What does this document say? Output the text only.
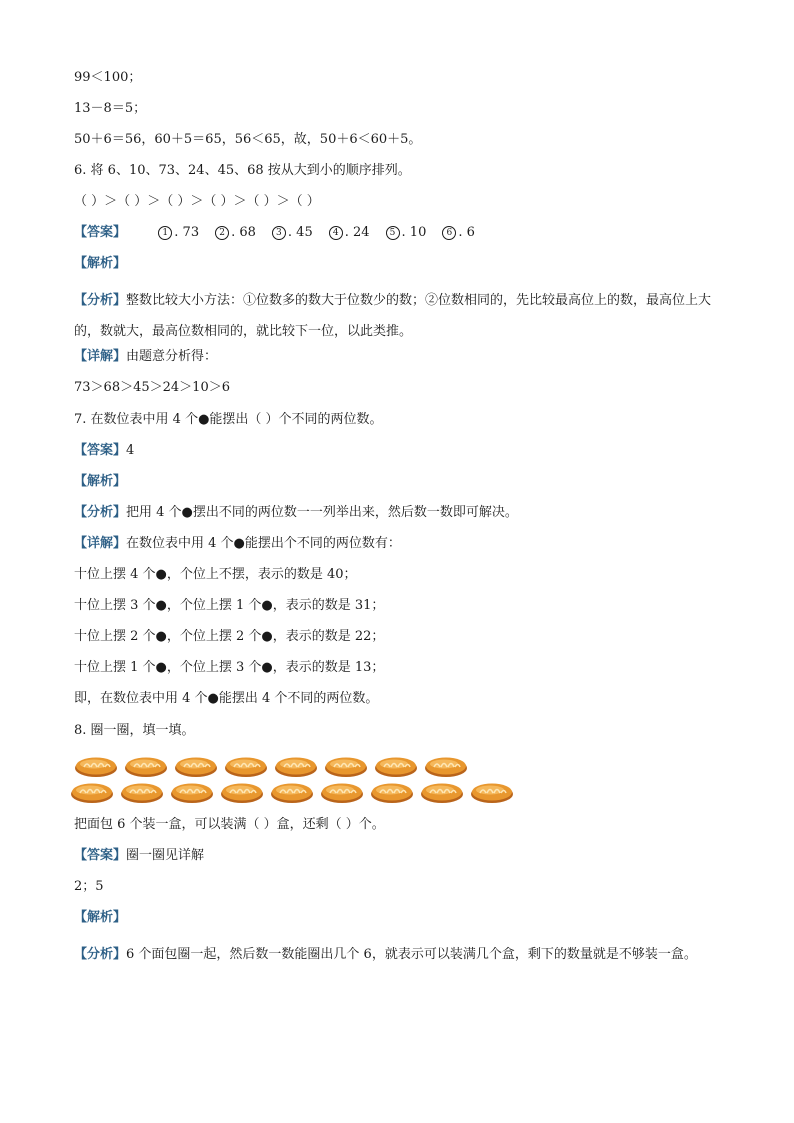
99＜100；
13－8＝5；
50＋6＝56，60＋5＝65，56＜65，故，50＋6＜60＋5。
6. 将 6、10、73、24、45、68 按从大到小的顺序排列。
（ ）＞（ ）＞（ ）＞（ ）＞（ ）＞（ ）
【答案】	1 . 73 2 . 68 3 . 45 4 . 24 5 . 10 6 . 6
【解析】
【分析】整数比较大小方法：①位数多的数大于位数少的数；②位数相同的，先比较最高位上的数，最高位上大的，数就大，最高位数相同的，就比较下一位，以此类推。
【详解】由题意分析得：
73＞68＞45＞24＞10＞6
7. 在数位表中用 4 个●能摆出（ ）个不同的两位数。
【答案】4
【解析】
【分析】把用 4 个●摆出不同的两位数一一列举出来，然后数一数即可解决。
【详解】在数位表中用 4 个●能摆出个不同的两位数有：
十位上摆 4 个●，个位上不摆，表示的数是 40；
十位上摆 3 个●，个位上摆 1 个●，表示的数是 31；
十位上摆 2 个●，个位上摆 2 个●，表示的数是 22；
十位上摆 1 个●，个位上摆 3 个●，表示的数是 13；
即，在数位表中用 4 个●能摆出 4 个不同的两位数。
8. 圈一圈，填一填。
把面包 6 个装一盒，可以装满（ ）盒，还剩（ ）个。
【答案】圈一圈见详解
2；5
【解析】
【分析】6 个面包圈一起，然后数一数能圈出几个 6，就表示可以装满几个盒，剩下的数量就是不够装一盒。
